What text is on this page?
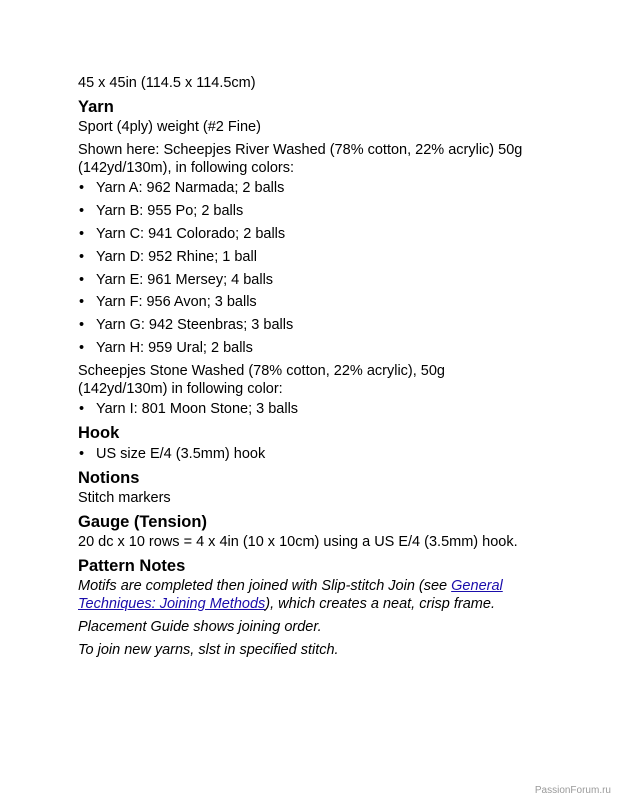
45 x 45in (114.5 x 114.5cm)

Yarn

Sport (4ply) weight (#2 Fine)

Shown here: Scheepjes River Washed (78% cotton, 22% acrylic) 50g (142yd/130m), in following colors:

• Yarn A: 962 Narmada; 2 balls
• Yarn B: 955 Po; 2 balls
• Yarn C: 941 Colorado; 2 balls
• Yarn D: 952 Rhine; 1 ball
• Yarn E: 961 Mersey; 4 balls
• Yarn F: 956 Avon; 3 balls
• Yarn G: 942 Steenbras; 3 balls
• Yarn H: 959 Ural; 2 balls

Scheepjes Stone Washed (78% cotton, 22% acrylic), 50g

(142yd/130m) in following color:

• Yarn I: 801 Moon Stone; 3 balls
Hook
• US size E/4 (3.5mm) hook
Notions

Stitch markers

Gauge (Tension)

20 dc x 10 rows = 4 x 4in (10 x 10cm) using a US E/4 (3.5mm) hook.

Pattern Notes

Motifs are completed then joined with Slip-stitch Join (see General
Techniques: Joining Methods), which creates a neat, crisp frame.

Placement Guide shows joining order.

To join new yarns, slst in specified stitch.

PassionForum.ru
